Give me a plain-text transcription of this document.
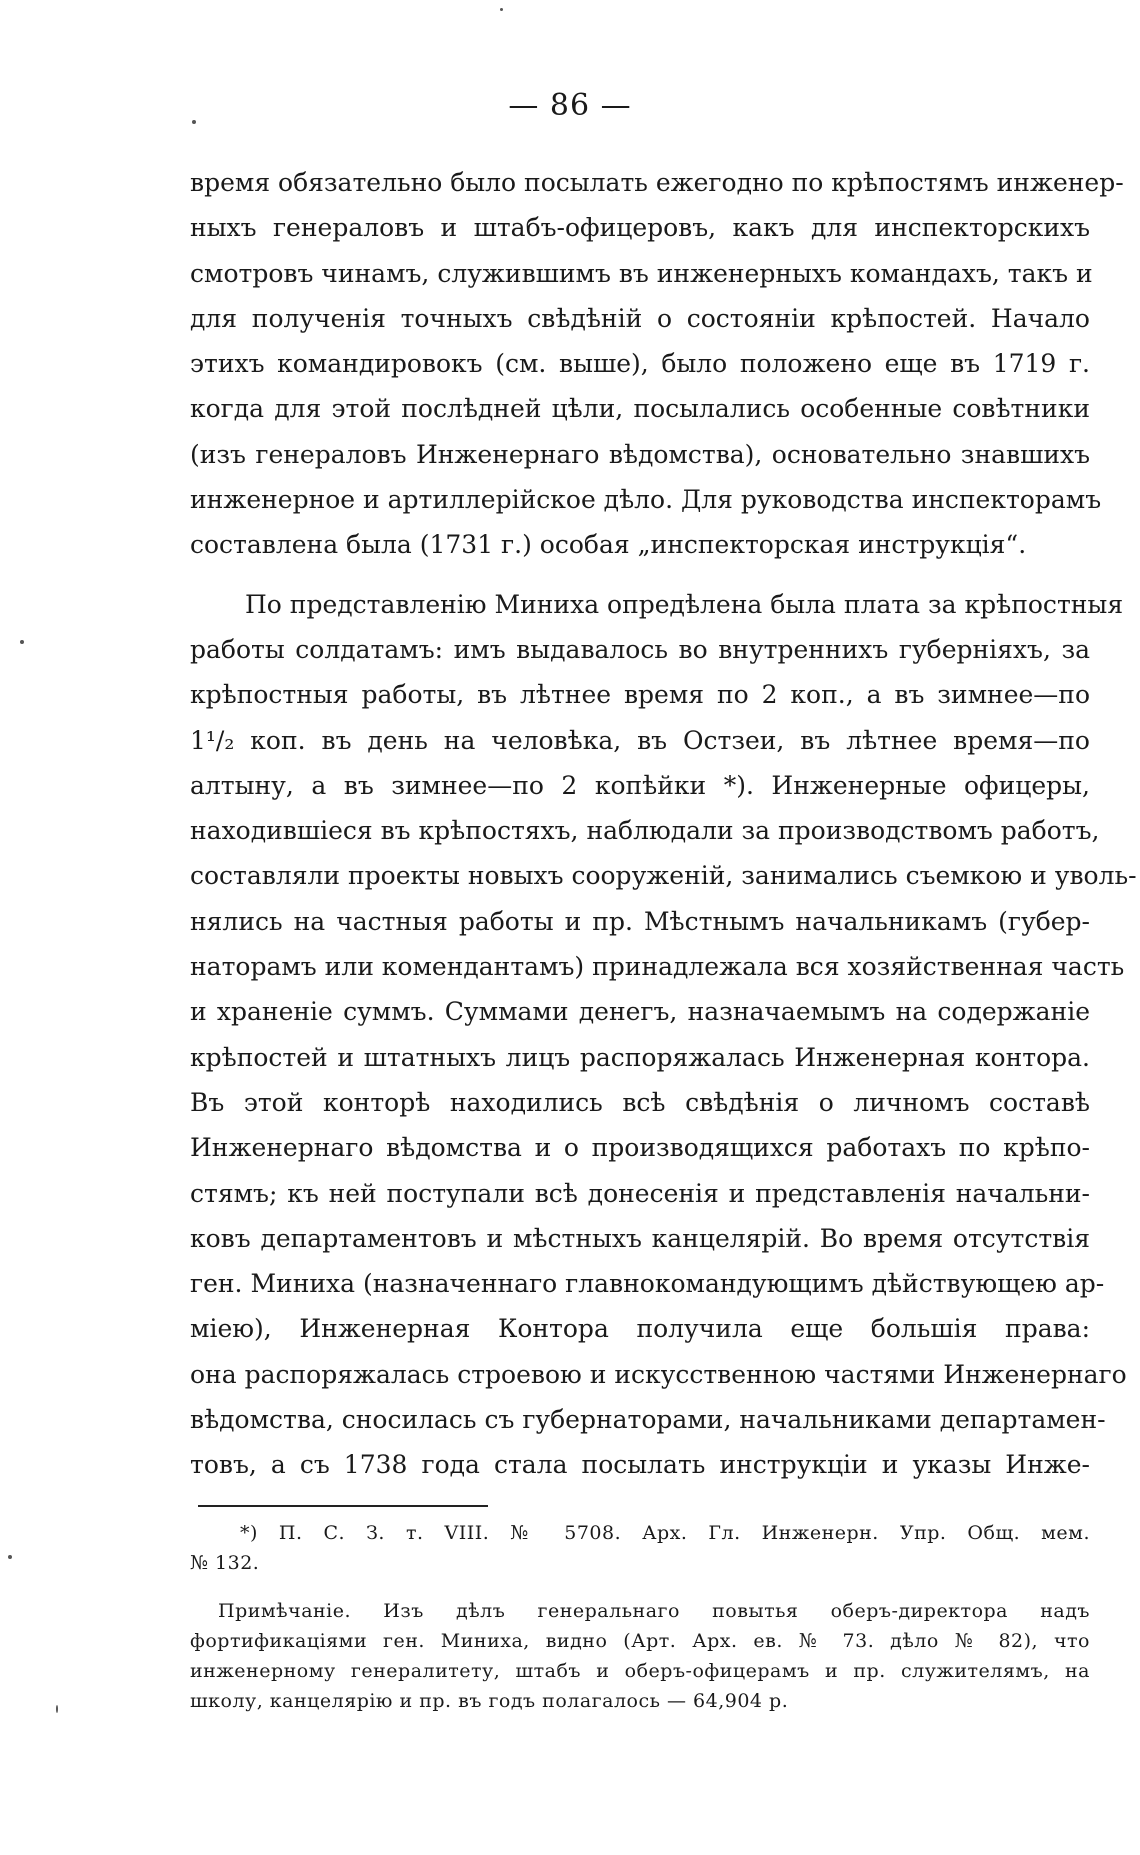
— 86 —
время обязательно было посылать ежегодно по крѣпостямъ инженер-
ныхъ генераловъ и штабъ-офицеровъ, какъ для инспекторскихъ
смотровъ чинамъ, служившимъ въ инженерныхъ командахъ, такъ и
для полученія точныхъ свѣдѣній о состояніи крѣпостей. Начало
этихъ командировокъ (см. выше), было положено еще въ 1719 г.
когда для этой послѣдней цѣли, посылались особенные совѣтники
(изъ генераловъ Инженернаго вѣдомства), основательно знавшихъ
инженерное и артиллерійское дѣло. Для руководства инспекторамъ
составлена была (1731 г.) особая „инспекторская инструкція“.
По представленію Миниха опредѣлена была плата за крѣпостныя
работы солдатамъ: имъ выдавалось во внутреннихъ губерніяхъ, за
крѣпостныя работы, въ лѣтнее время по 2 коп., а въ зимнее—по
1¹/₂ коп. въ день на человѣка, въ Остзеи, въ лѣтнее время—по
алтыну, а въ зимнее—по 2 копѣйки *). Инженерные офицеры,
находившіеся въ крѣпостяхъ, наблюдали за производствомъ работъ,
составляли проекты новыхъ сооруженій, занимались съемкою и уволь-
нялись на частныя работы и пр. Мѣстнымъ начальникамъ (губер-
наторамъ или комендантамъ) принадлежала вся хозяйственная часть
и храненіе суммъ. Суммами денегъ, назначаемымъ на содержаніе
крѣпостей и штатныхъ лицъ распоряжалась Инженерная контора.
Въ этой конторѣ находились всѣ свѣдѣнія о личномъ составѣ
Инженернаго вѣдомства и о производящихся работахъ по крѣпо-
стямъ; къ ней поступали всѣ донесенія и представленія начальни-
ковъ департаментовъ и мѣстныхъ канцелярій. Во время отсутствія
ген. Миниха (назначеннаго главнокомандующимъ дѣйствующею ар-
міею), Инженерная Контора получила еще большія права:
она распоряжалась строевою и искусственною частями Инженернаго
вѣдомства, сносилась съ губернаторами, начальниками департамен-
товъ, а съ 1738 года стала посылать инструкціи и указы Инже-
*) П. С. З. т. VIII. № 5708. Арх. Гл. Инженерн. Упр. Общ. мем.
№ 132.
Примѣчаніе. Изъ дѣлъ генеральнаго повытья оберъ-директора надъ
фортификаціями ген. Миниха, видно (Арт. Арх. ев. № 73. дѣло № 82), что
инженерному генералитету, штабъ и оберъ-офицерамъ и пр. служителямъ, на
школу, канцелярію и пр. въ годъ полагалось — 64,904 р.
